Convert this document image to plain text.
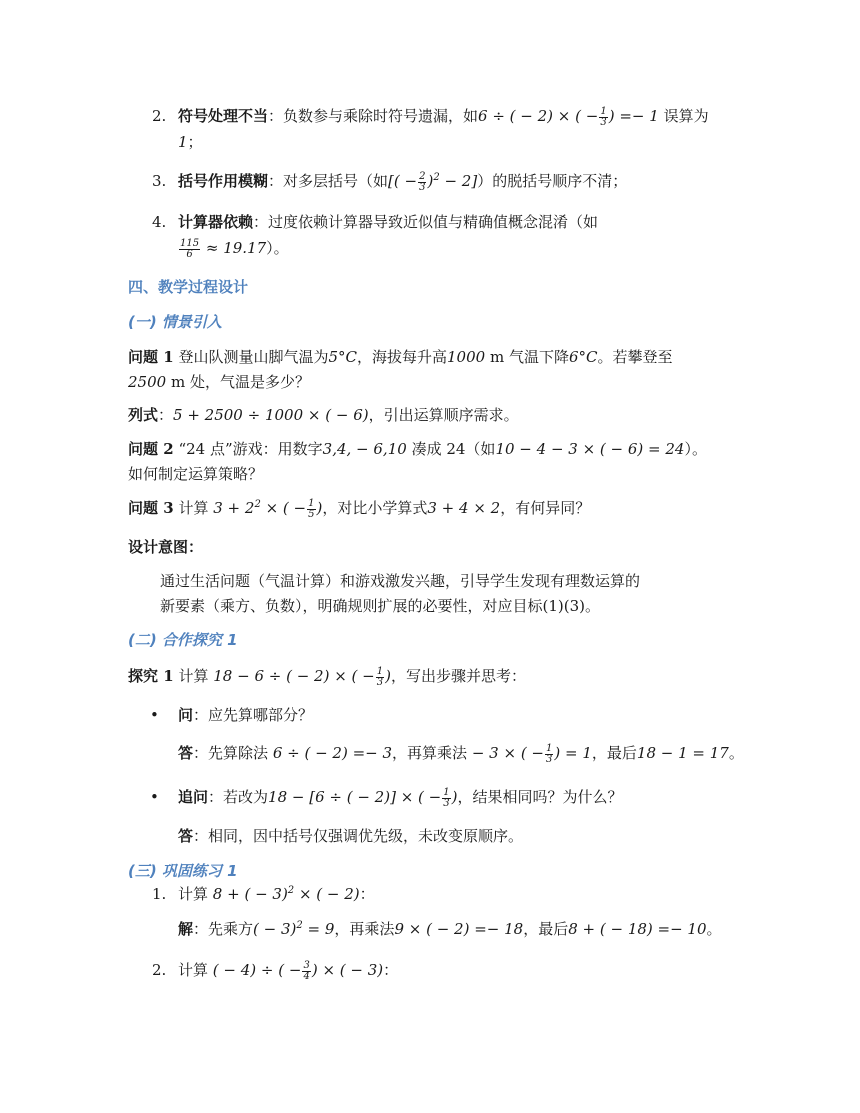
2. 符号处理不当：负数参与乘除时符号遗漏，如6 ÷ ( − 2) × ( − $\frac{1}{3}$ ) =− 1 误算为
1；
3. 括号作用模糊：对多层括号（如[( − $\frac{2}{3} )^2 - 2$]）的脱括号顺序不清；
4. 计算器依赖：过度依赖计算器导致近似值与精确值概念混淆（如
$\frac{115}{6} \approx 19.17$）。
四、教学过程设计
(一) 情景引入
问题 1 登山队测量山脚气温为5°C，海拔每升高1000 m 气温下降6°C。若攀登至
2500 m 处，气温是多少？
列式：5 + 2500 ÷ 1000 × ( − 6)，引出运算顺序需求。
问题 2 “24 点”游戏：用数字3,4, − 6,10 凑成 24（如10 − 4 − 3 × ( − 6) = 24）。
如何制定运算策略？
问题 3 计算 $3 + 2^2$ × ( − $\frac{1}{5}$ )，对比小学算式3 + 4 × 2，有何异同？
设计意图：
通过生活问题（气温计算）和游戏激发兴趣，引导学生发现有理数运算的
新要素（乘方、负数），明确规则扩展的必要性，对应目标(1)(3)。
(二) 合作探究 1
探究 1 计算 18 − 6 ÷ ( − 2) × ( − $\frac{1}{3}$ )，写出步骤并思考：
• 问：应先算哪部分？
答：先算除法 6 ÷ ( − 2) =− 3，再算乘法 − 3 × ( − $\frac{1}{3}$ ) = 1，最后18 − 1 = 17。
• 追问：若改为18 − [6 ÷ ( − 2)] × ( − $\frac{1}{3}$ )，结果相同吗？为什么？
答：相同，因中括号仅强调优先级，未改变原顺序。
(三) 巩固练习 1
1. 计算 8 + ( − 3)$^2$ × ( − 2)：
解：先乘方( − 3)$^2$ = 9，再乘法9 × ( − 2) =− 18，最后8 + ( − 18) =− 10。
2. 计算 ( − 4) ÷ ( − $\frac{3}{4}$ ) × ( − 3)：
